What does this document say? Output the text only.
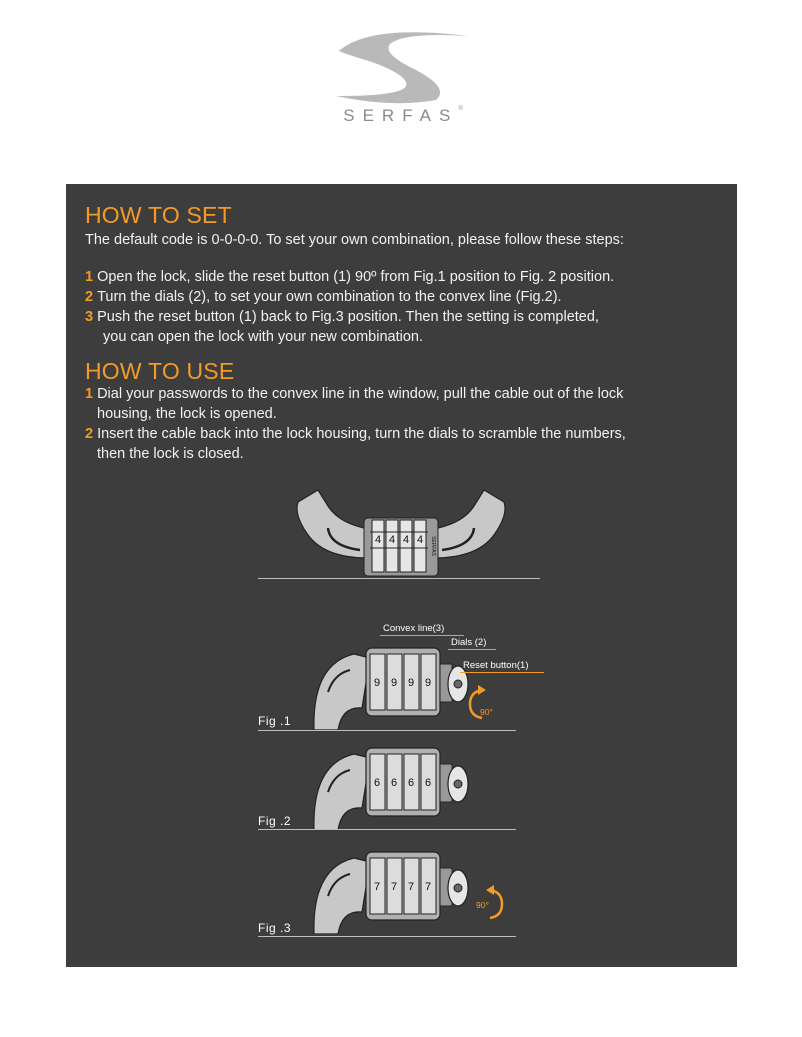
SERFAS®
HOW TO SET
The default code is 0-0-0-0. To set your own combination, please follow these steps:
1 Open the lock, slide the reset button (1) 90º from Fig.1 position to Fig. 2 position.
2 Turn the dials (2), to set your own combination to the convex line (Fig.2).
3 Push the reset button (1) back to Fig.3 position. Then the setting is completed,
you can open the lock with your new combination.
HOW TO USE
1 Dial your passwords to the convex line in the window, pull the cable out of the lock
housing, the lock is opened.
2 Insert the cable back into the lock housing, turn the dials to scramble the numbers,
then the lock is closed.
4 4 4 4 SERFAS
9 9 9 9
Convex line(3)
Dials (2)
Reset button(1)
90°
Fig .1
6 6 6 6
Fig .2
7 7 7 7
90°
Fig .3
